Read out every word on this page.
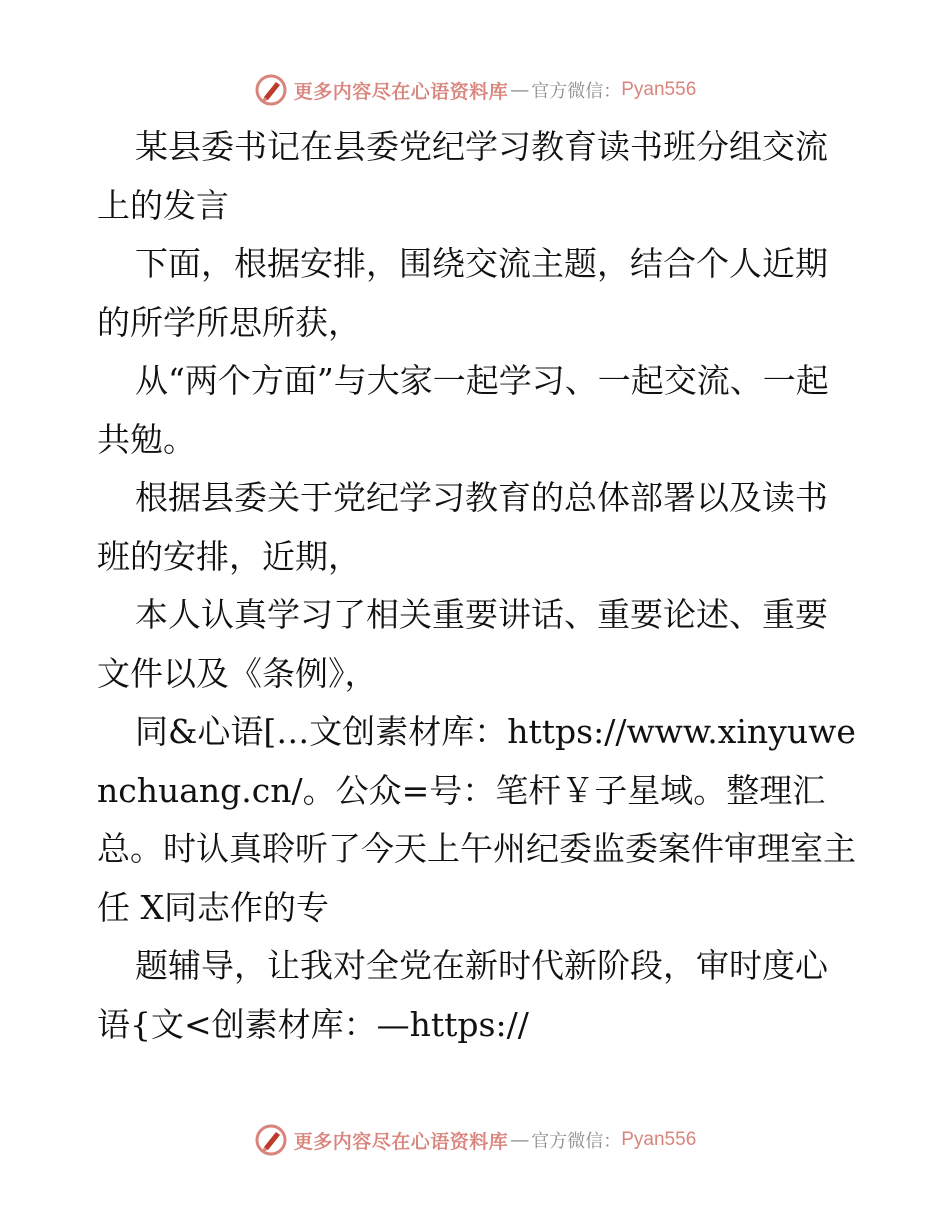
更多内容尽在心语资料库 — 官方微信： Pyan556

某县委书记在县委党纪学习教育读书班分组交流上的发言

下面，根据安排，围绕交流主题，结合个人近期的所学所思所获，

从“两个方面”与大家一起学习、一起交流、一起共勉。

根据县委关于党纪学习教育的总体部署以及读书班的安排，近期，

本人认真学习了相关重要讲话、重要论述、重要文件以及《条例》，

同&心语[…文创素材库：https://www.xinyuwenchuang.cn/。公众=号：笔杆￥子星域。整理汇总。时认真聆听了今天上午州纪委监委案件审理室主任 X同志作的专

题辅导，让我对全党在新时代新阶段，审时度心语{文<创素材库：—https://

更多内容尽在心语资料库 — 官方微信： Pyan556
